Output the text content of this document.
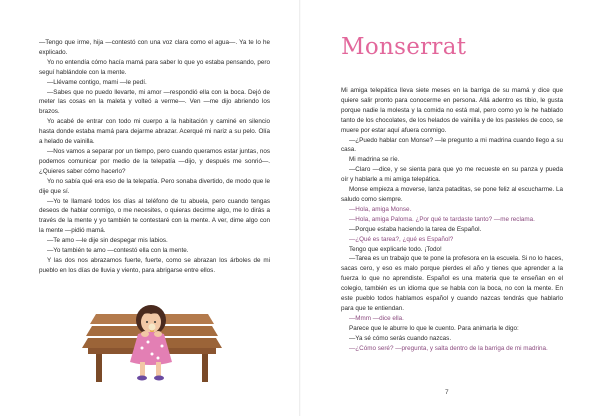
—Tengo que irme, hija —contestó con una voz clara como el agua—. Ya te lo he explicado.

Yo no entendía cómo hacía mamá para saber lo que yo estaba pensando, pero seguí hablándole con la mente.

—Llévame contigo, mami —le pedí.

—Sabes que no puedo llevarte, mi amor —respondió ella con la boca. Dejó de meter las cosas en la maleta y volteó a verme—. Ven —me dijo abriendo los brazos.

Yo acabé de entrar con todo mi cuerpo a la habitación y caminé en silencio hasta donde estaba mamá para dejarme abrazar. Acerqué mi nariz a su pelo. Olía a helado de vainilla.

—Nos vamos a separar por un tiempo, pero cuando queramos estar juntas, nos podemos comunicar por medio de la telepatía —dijo, y después me sonrió—. ¿Quieres saber cómo hacerlo?

Yo no sabía qué era eso de la telepatía. Pero sonaba divertido, de modo que le dije que sí.

—Yo te llamaré todos los días al teléfono de tu abuela, pero cuando tengas deseos de hablar conmigo, o me necesites, o quieras decirme algo, me lo dirás a través de la mente y yo también te contestaré con la mente. A ver, dime algo con la mente —pidió mamá.

—Te amo —le dije sin despegar mis labios.

—Yo también te amo —contestó ella con la mente.

Y las dos nos abrazamos fuerte, fuerte, como se abrazan los árboles de mi pueblo en los días de lluvia y viento, para abrigarse entre ellos.

Monserrat

Mi amiga telepática lleva siete meses en la barriga de su mamá y dice que quiere salir pronto para conocerme en persona. Allá adentro es tibio, le gusta porque nadie la molesta y la comida no está mal, pero como yo le he hablado tanto de los chocolates, de los helados de vainilla y de los pasteles de coco, se muere por estar aquí afuera conmigo.

—¿Puedo hablar con Monse? —le pregunto a mi madrina cuando llego a su casa.

Mi madrina se ríe.

—Claro —dice, y se sienta para que yo me recueste en su panza y pueda oír y hablarle a mi amiga telepática.

Monse empieza a moverse, lanza pataditas, se pone feliz al escucharme. La saludo como siempre.

—Hola, amiga Monse.

—Hola, amiga Paloma. ¿Por qué te tardaste tanto? —me reclama.

—Porque estaba haciendo la tarea de Español.

—¿Qué es tarea?, ¿qué es Español?

Tengo que explicarle todo. ¡Todo!

—Tarea es un trabajo que te pone la profesora en la escuela. Si no lo haces, sacas cero, y eso es malo porque pierdes el año y tienes que aprender a la fuerza lo que no aprendiste. Español es una materia que te enseñan en el colegio, también es un idioma que se habla con la boca, no con la mente. En este pueblo todos hablamos español y cuando nazcas tendrás que hablarlo para que te entiendan.

—Mmm —dice ella.

Parece que le aburre lo que le cuento. Para animarla le digo:

—Ya sé cómo serás cuando nazcas.

—¿Cómo seré? —pregunta, y salta dentro de la barriga de mi madrina.

7
